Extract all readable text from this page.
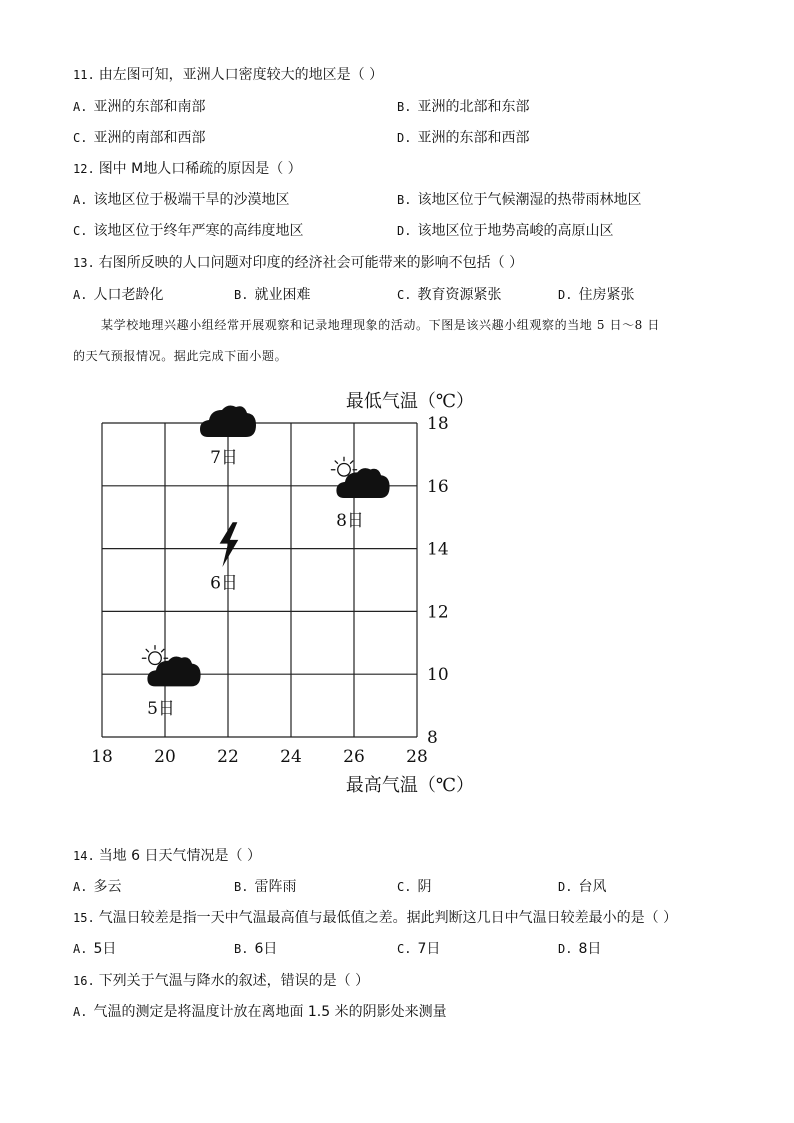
11. 由左图可知，亚洲人口密度较大的地区是（ ）
A. 亚洲的东部和南部	B. 亚洲的北部和东部
C. 亚洲的南部和西部	D. 亚洲的东部和西部
12. 图中 M地人口稀疏的原因是（ ）
A. 该地区位于极端干旱的沙漠地区	B. 该地区位于气候潮湿的热带雨林地区
C. 该地区位于终年严寒的高纬度地区	D. 该地区位于地势高峻的高原山区
13. 右图所反映的人口问题对印度的经济社会可能带来的影响不包括（ ）
A. 人口老龄化	B. 就业困难	C. 教育资源紧张	D. 住房紧张
某学校地理兴趣小组经常开展观察和记录地理现象的活动。下图是该兴趣小组观察的当地 5 日～8 日
的天气预报情况。据此完成下面小题。
18 20 22 24 26 28
8
10
12
14
16
18
最低气温（℃）
最高气温（℃）
5日
6日
7日
8日
14. 当地 6 日天气情况是（ ）
A. 多云	B. 雷阵雨	C. 阴	D. 台风
15. 气温日较差是指一天中气温最高值与最低值之差。据此判断这几日中气温日较差最小的是（ ）
A. 5日	B. 6日	C. 7日	D. 8日
16. 下列关于气温与降水的叙述，错误的是（ ）
A. 气温的测定是将温度计放在离地面 1.5 米的阴影处来测量
